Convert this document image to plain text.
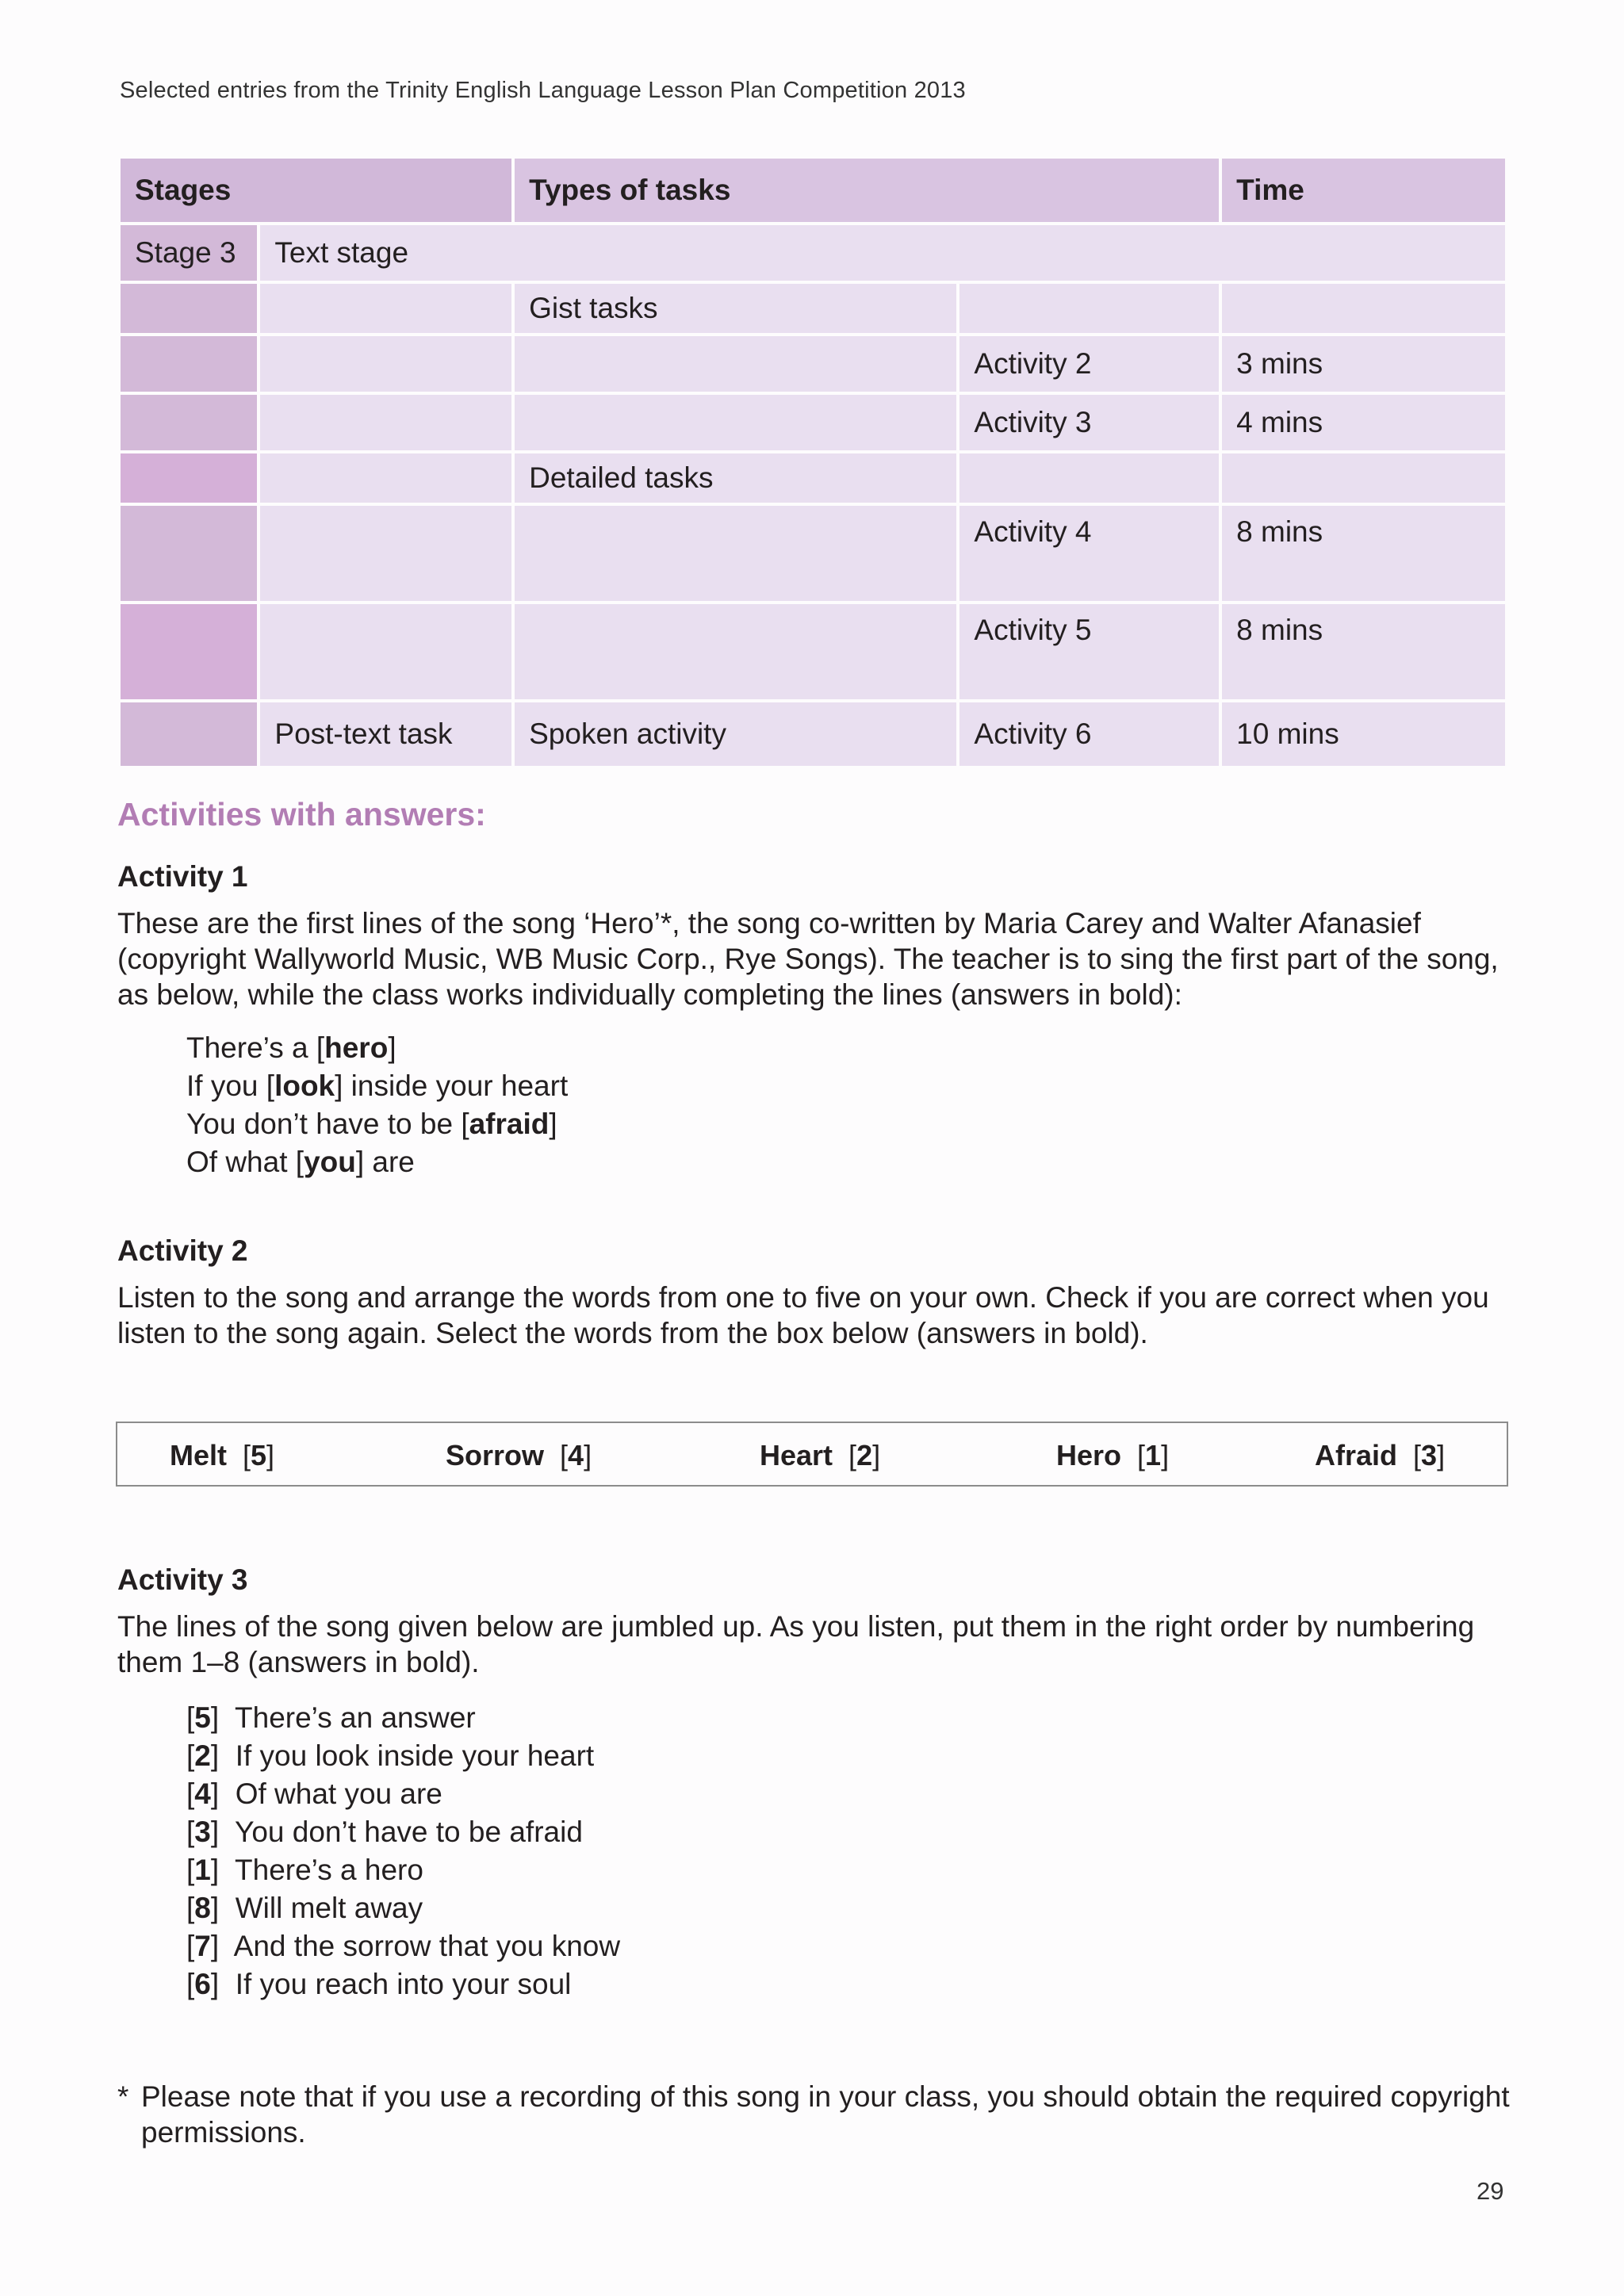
Selected entries from the Trinity English Language Lesson Plan Competition 2013
Stages		Types of tasks		Time
Stage 3	Text stage			
		Gist tasks		
			Activity 2	3 mins
			Activity 3	4 mins
		Detailed tasks		
			Activity 4	8 mins
			Activity 5	8 mins
	Post-text task	Spoken activity	Activity 6	10 mins
Activities with answers:
Activity 1
These are the first lines of the song ‘Hero’*, the song co-written by Maria Carey and Walter Afanasief (copyright Wallyworld Music, WB Music Corp., Rye Songs). The teacher is to sing the first part of the song, as below, while the class works individually completing the lines (answers in bold):
There’s a [hero]
If you [look] inside your heart
You don’t have to be [afraid]
Of what [you] are
Activity 2
Listen to the song and arrange the words from one to five on your own. Check if you are correct when you listen to the song again. Select the words from the box below (answers in bold).
Melt  [5]	Sorrow  [4]	Heart  [2]	Hero  [1]	Afraid  [3]
Activity 3
The lines of the song given below are jumbled up. As you listen, put them in the right order by numbering them 1–8 (answers in bold).
[5]  There’s an answer
[2]  If you look inside your heart
[4]  Of what you are
[3]  You don’t have to be afraid
[1]  There’s a hero
[8]  Will melt away
[7]  And the sorrow that you know
[6]  If you reach into your soul
* Please note that if you use a recording of this song in your class, you should obtain the required copyright permissions.
29
